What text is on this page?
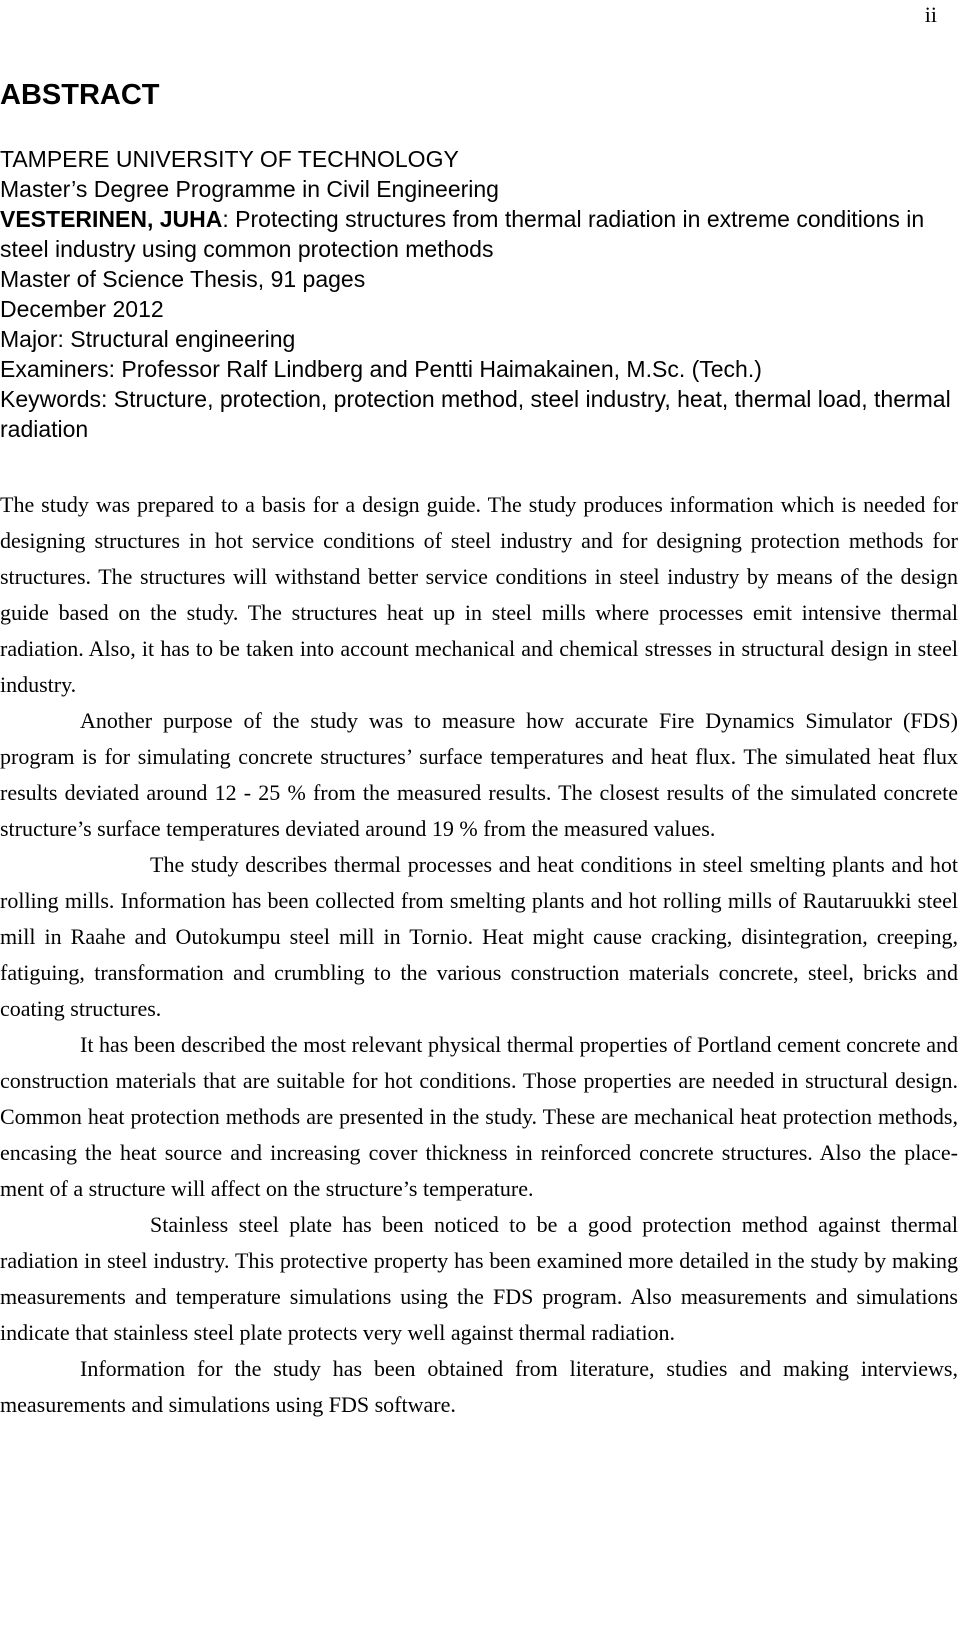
ii
ABSTRACT
TAMPERE UNIVERSITY OF TECHNOLOGY
Master’s Degree Programme in Civil Engineering
VESTERINEN, JUHA: Protecting structures from thermal radiation in extreme conditions in steel industry using common protection methods
Master of Science Thesis, 91 pages
December 2012
Major: Structural engineering
Examiners: Professor Ralf Lindberg and Pentti Haimakainen, M.Sc. (Tech.)
Keywords: Structure, protection, protection method, steel industry, heat, thermal load, thermal radiation

The study was prepared to a basis for a design guide. The study produces information which is needed for designing structures in hot service conditions of steel industry and for designing protection methods for structures. The structures will withstand better service conditions in steel industry by means of the design guide based on the study. The structures heat up in steel mills where processes emit intensive thermal radiation. Also, it has to be taken into account mechanical and chemical stresses in structural design in steel industry.

Another purpose of the study was to measure how accurate Fire Dynamics Simulator (FDS) program is for simulating concrete structures’ surface temperatures and heat flux. The simulated heat flux results deviated around 12 - 25 % from the measured results. The closest results of the simulated concrete structure’s surface temperatures deviated around 19 % from the measured values.

The study describes thermal processes and heat conditions in steel smelting plants and hot rolling mills. Information has been collected from smelting plants and hot rolling mills of Rautaruukki steel mill in Raahe and Outokumpu steel mill in Tornio. Heat might cause cracking, disintegration, creeping, fatiguing, transformation and crumbling to the various construction materials concrete, steel, bricks and coating structures.

It has been described the most relevant physical thermal properties of Portland cement concrete and construction materials that are suitable for hot conditions. Those properties are needed in structural design. Common heat protection methods are presented in the study. These are mechanical heat protection methods, encasing the heat source and increasing cover thickness in reinforced concrete structures. Also the placement of a structure will affect on the structure’s temperature.

Stainless steel plate has been noticed to be a good protection method against thermal radiation in steel industry. This protective property has been examined more detailed in the study by making measurements and temperature simulations using the FDS program. Also measurements and simulations indicate that stainless steel plate protects very well against thermal radiation.

Information for the study has been obtained from literature, studies and making interviews, measurements and simulations using FDS software.
